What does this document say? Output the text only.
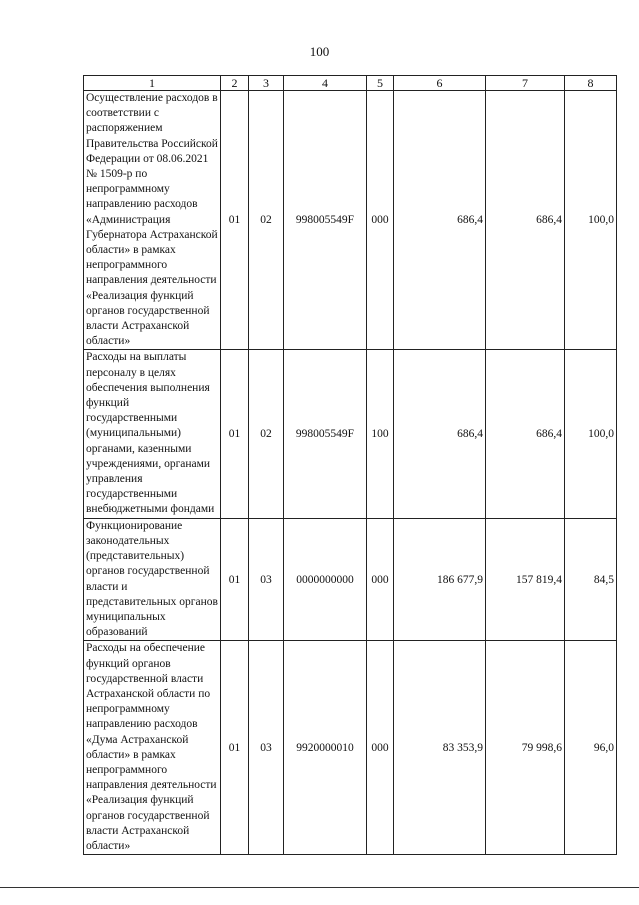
100
1	2	3	4	5	6	7	8
Осуществление расходов в соответствии с распоряжением Правительства Российской Федерации от 08.06.2021 № 1509-р по непрограммному направлению расходов «Администрация Губернатора Астраханской области» в рамках непрограммного направления деятельности «Реализация функций органов государственной власти Астраханской области»	01	02	998005549F	000	686,4	686,4	100,0
Расходы на выплаты персоналу в целях обеспечения выполнения функций государственными (муниципальными) органами, казенными учреждениями, органами управления государственными внебюджетными фондами	01	02	998005549F	100	686,4	686,4	100,0
Функционирование законодательных (представительных) органов государственной власти и представительных органов муниципальных образований	01	03	0000000000	000	186 677,9	157 819,4	84,5
Расходы на обеспечение функций органов государственной власти Астраханской области по непрограммному направлению расходов «Дума Астраханской области» в рамках непрограммного направления деятельности «Реализация функций органов государственной власти Астраханской области»	01	03	9920000010	000	83 353,9	79 998,6	96,0
